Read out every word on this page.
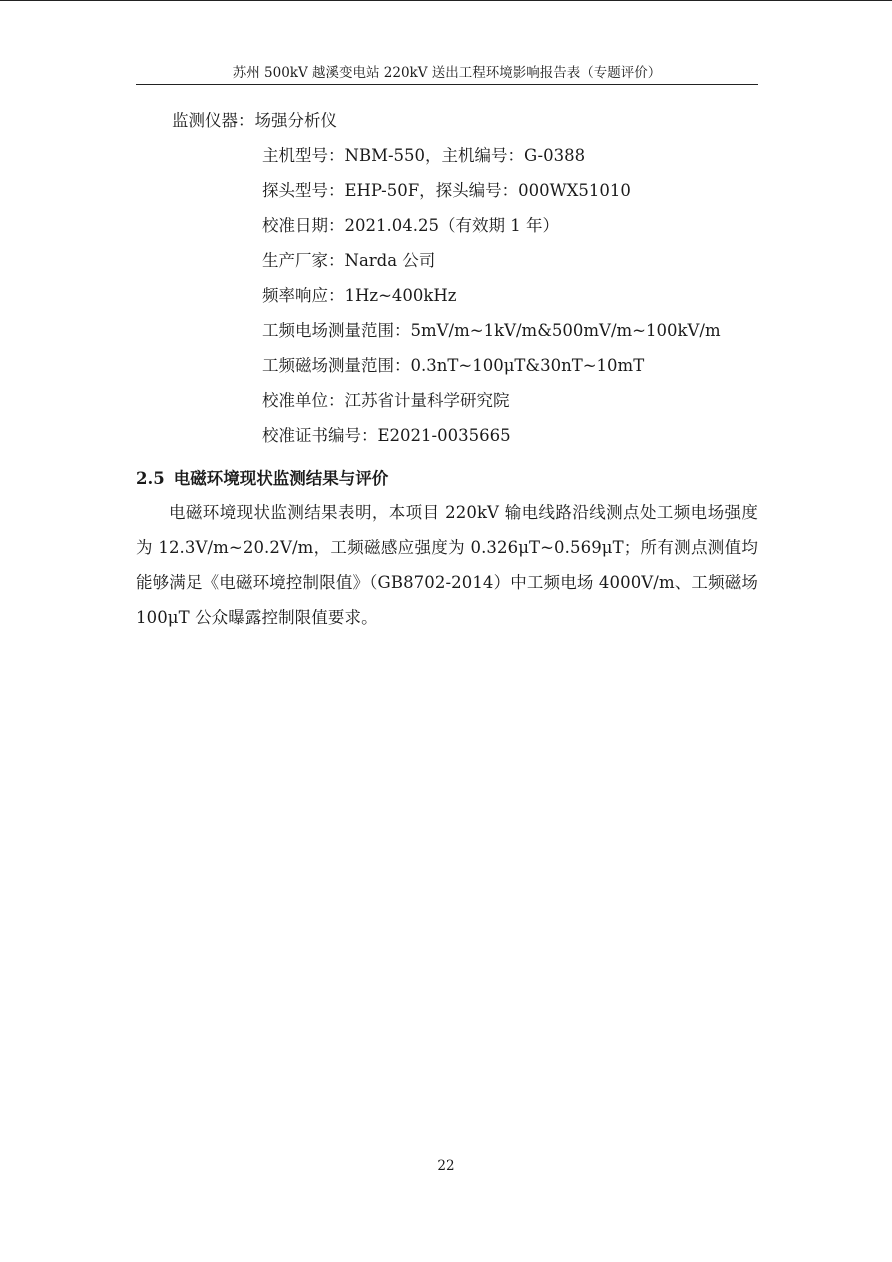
苏州 500kV 越溪变电站 220kV 送出工程环境影响报告表（专题评价）
监测仪器：场强分析仪
主机型号：NBM-550，主机编号：G-0388
探头型号：EHP-50F，探头编号：000WX51010
校准日期：2021.04.25（有效期 1 年）
生产厂家：Narda 公司
频率响应：1Hz~400kHz
工频电场测量范围：5mV/m~1kV/m&500mV/m~100kV/m
工频磁场测量范围：0.3nT~100μT&30nT~10mT
校准单位：江苏省计量科学研究院
校准证书编号：E2021-0035665
2.5 电磁环境现状监测结果与评价

电磁环境现状监测结果表明，本项目 220kV 输电线路沿线测点处工频电场强度为 12.3V/m~20.2V/m，工频磁感应强度为 0.326μT~0.569μT；所有测点测值均能够满足《电磁环境控制限值》（GB8702-2014）中工频电场 4000V/m、工频磁场 100μT 公众曝露控制限值要求。

22
